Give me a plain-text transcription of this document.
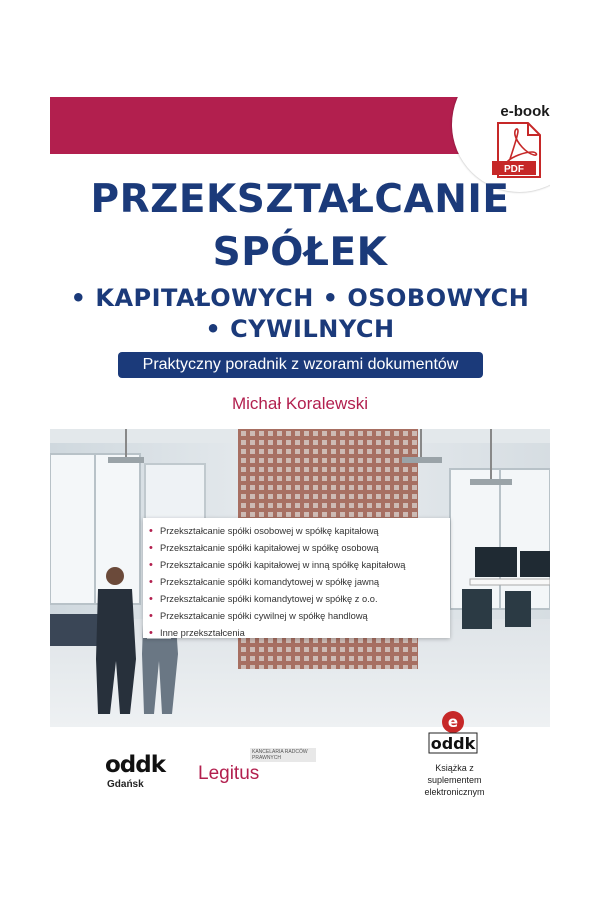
e-book
PDF
PRZEKSZTAŁCANIE
SPÓŁEK
• KAPITAŁOWYCH • OSOBOWYCH
• CYWILNYCH
Praktyczny poradnik z wzorami dokumentów
Michał Koralewski
• Przekształcanie spółki osobowej w spółkę kapitałową
• Przekształcanie spółki kapitałowej w spółkę osobową
• Przekształcanie spółki kapitałowej w inną spółkę kapitałową
• Przekształcanie spółki komandytowej w spółkę jawną
• Przekształcanie spółki komandytowej w spółkę z o.o.
• Przekształcanie spółki cywilnej w spółkę handlową
• Inne przekształcenia
oddk
Gdańsk
Legitus
KANCELARIA RADCÓW PRAWNYCH
e
oddk
Książka z suplementem elektronicznym
